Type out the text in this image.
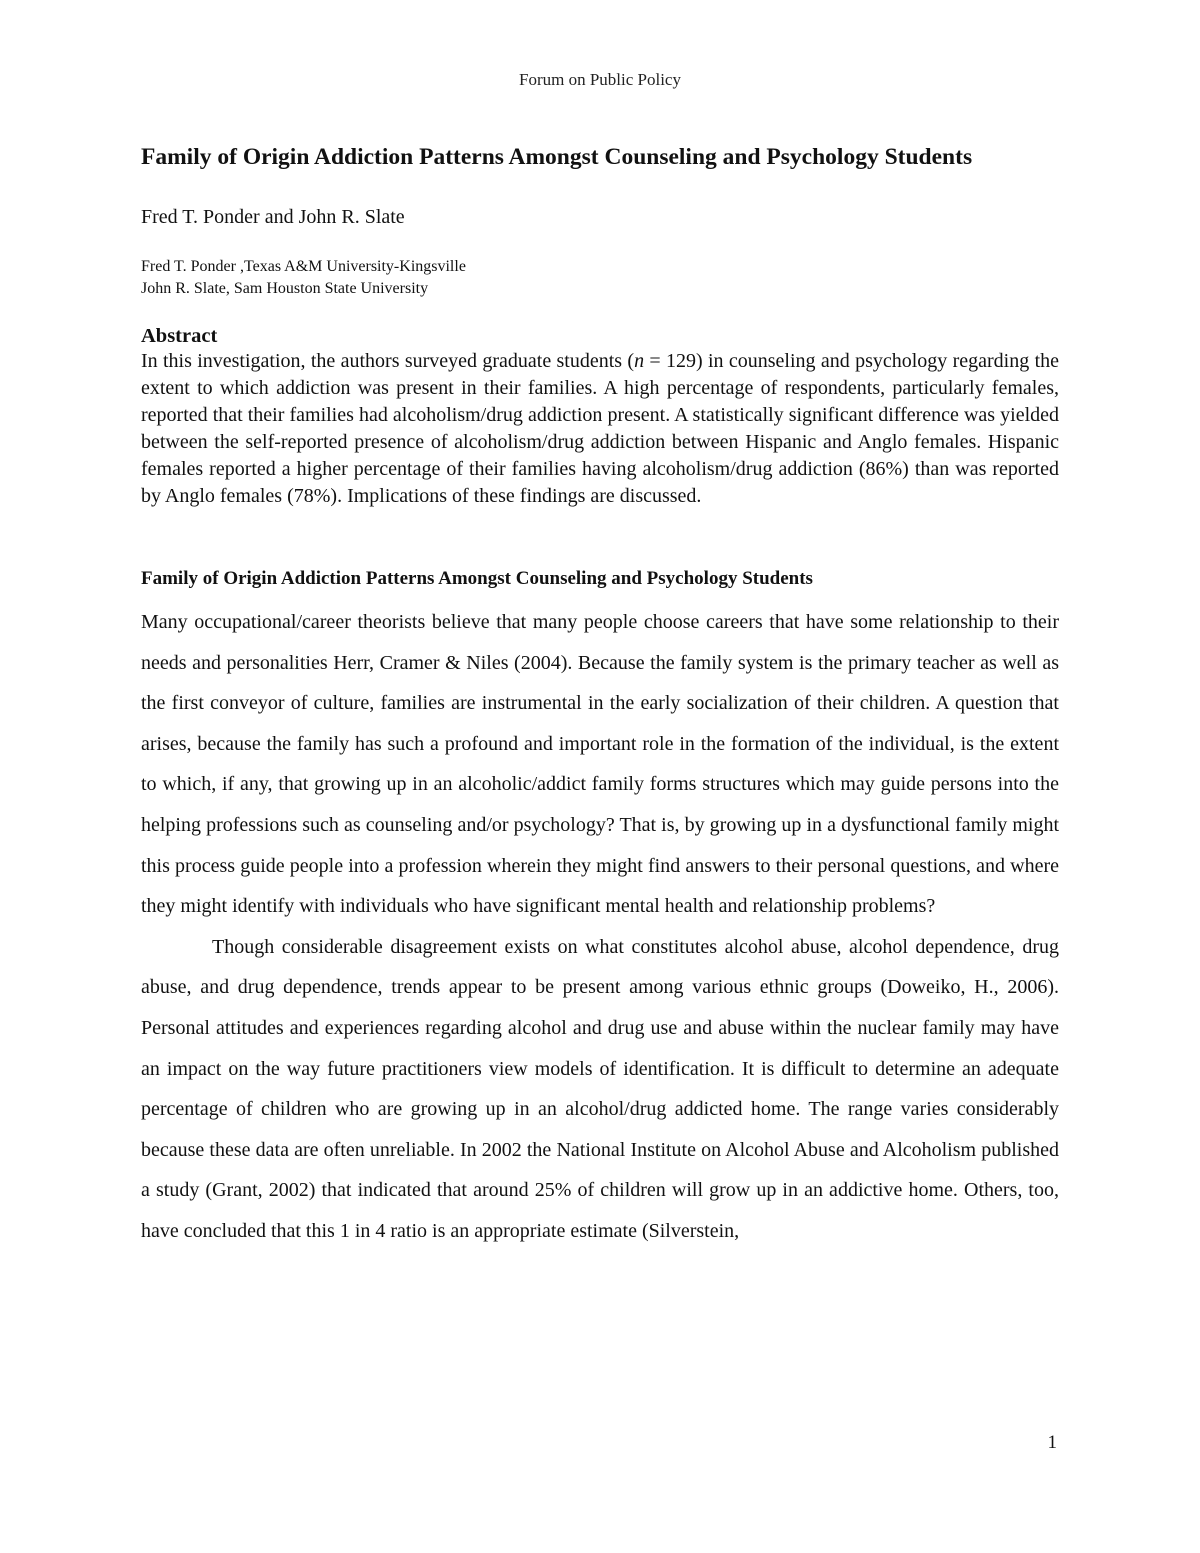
Forum on Public Policy
Family of Origin Addiction Patterns Amongst Counseling and Psychology Students
Fred T. Ponder and John R. Slate
Fred T. Ponder ,Texas A&M University-Kingsville
John R. Slate, Sam Houston State University
Abstract

In this investigation, the authors surveyed graduate students (n = 129) in counseling and psychology regarding the extent to which addiction was present in their families. A high percentage of respondents, particularly females, reported that their families had alcoholism/drug addiction present. A statistically significant difference was yielded between the self-reported presence of alcoholism/drug addiction between Hispanic and Anglo females. Hispanic females reported a higher percentage of their families having alcoholism/drug addiction (86%) than was reported by Anglo females (78%). Implications of these findings are discussed.

Family of Origin Addiction Patterns Amongst Counseling and Psychology Students

Many occupational/career theorists believe that many people choose careers that have some relationship to their needs and personalities Herr, Cramer & Niles (2004). Because the family system is the primary teacher as well as the first conveyor of culture, families are instrumental in the early socialization of their children. A question that arises, because the family has such a profound and important role in the formation of the individual, is the extent to which, if any, that growing up in an alcoholic/addict family forms structures which may guide persons into the helping professions such as counseling and/or psychology? That is, by growing up in a dysfunctional family might this process guide people into a profession wherein they might find answers to their personal questions, and where they might identify with individuals who have significant mental health and relationship problems?

Though considerable disagreement exists on what constitutes alcohol abuse, alcohol dependence, drug abuse, and drug dependence, trends appear to be present among various ethnic groups (Doweiko, H., 2006). Personal attitudes and experiences regarding alcohol and drug use and abuse within the nuclear family may have an impact on the way future practitioners view models of identification. It is difficult to determine an adequate percentage of children who are growing up in an alcohol/drug addicted home. The range varies considerably because these data are often unreliable. In 2002 the National Institute on Alcohol Abuse and Alcoholism published a study (Grant, 2002) that indicated that around 25% of children will grow up in an addictive home. Others, too, have concluded that this 1 in 4 ratio is an appropriate estimate (Silverstein,

1
